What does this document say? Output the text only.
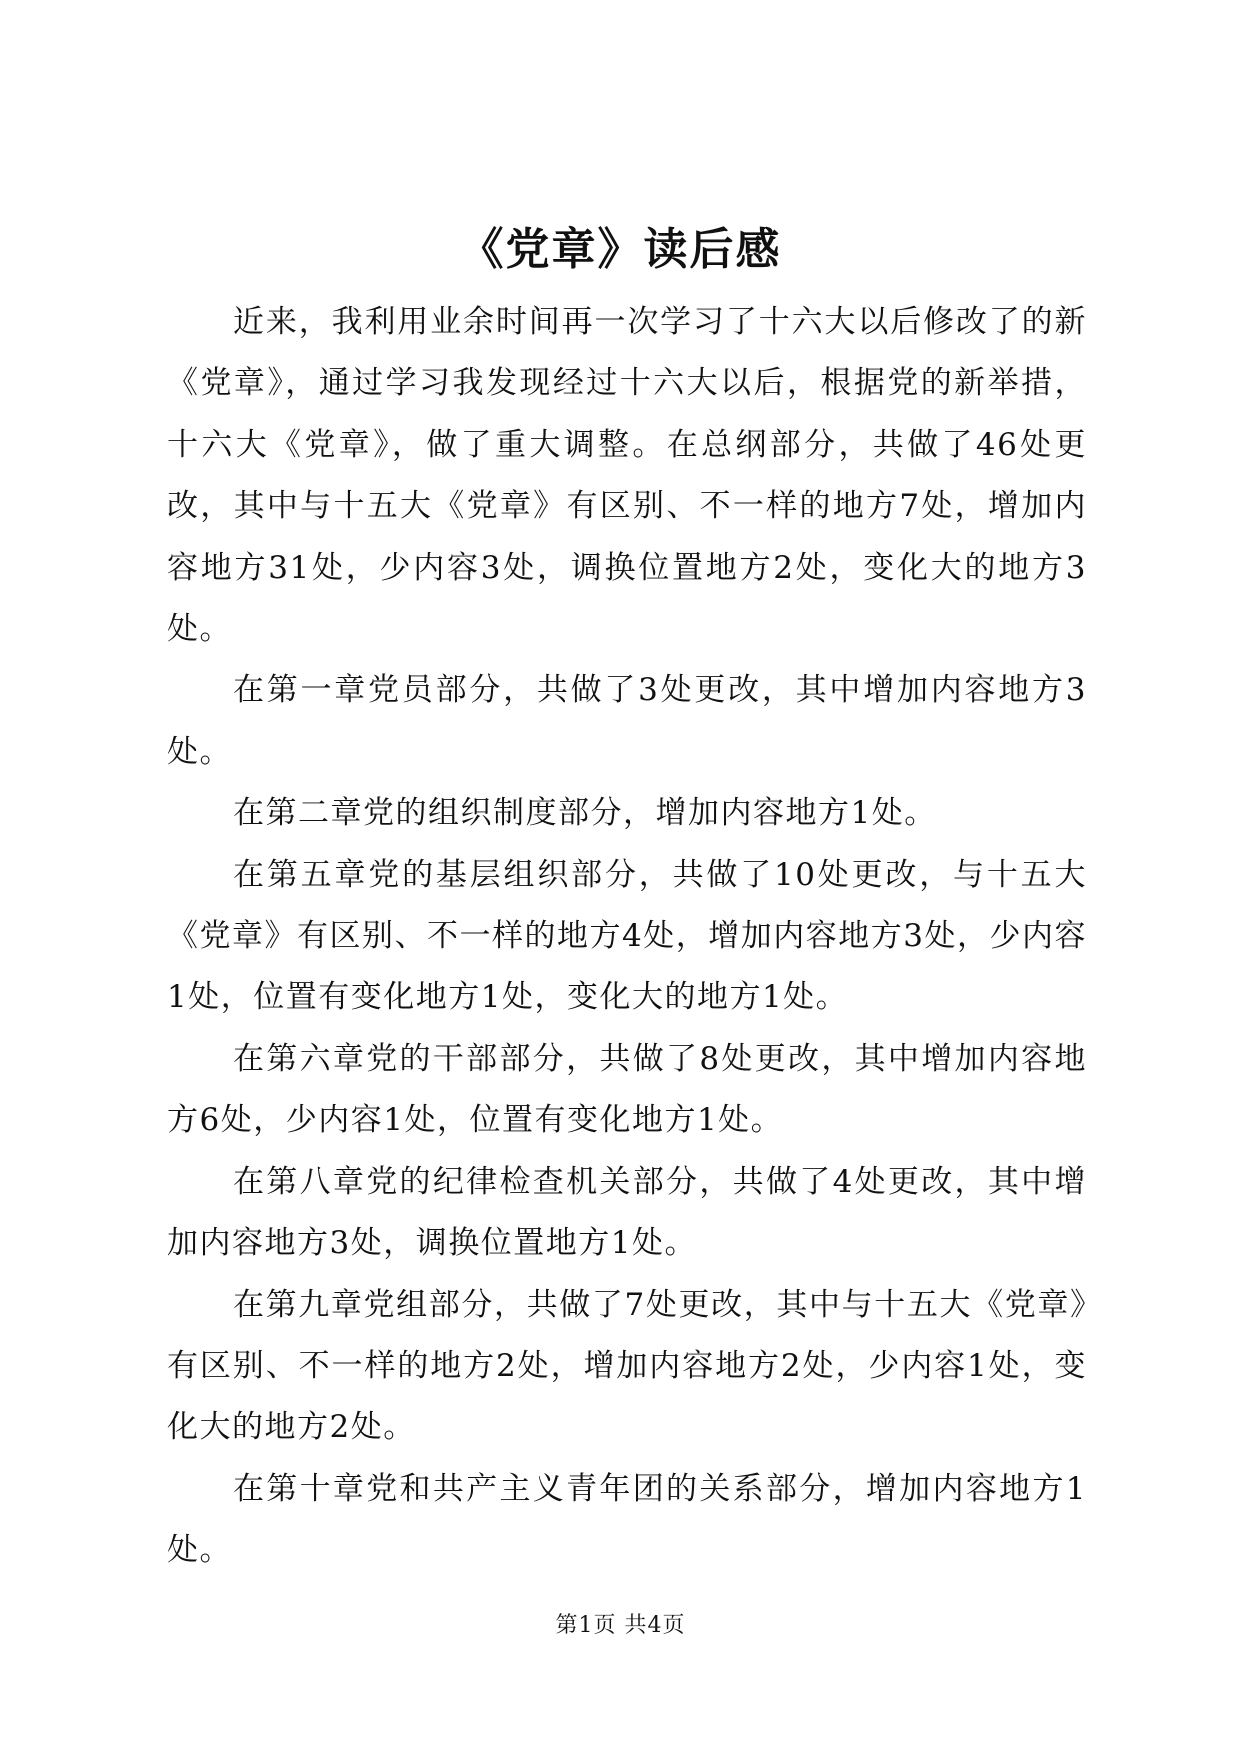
《党章》读后感

近来，我利用业余时间再一次学习了十六大以后修改了的新《党章》，通过学习我发现经过十六大以后，根据党的新举措，十六大《党章》，做了重大调整。在总纲部分，共做了46处更改，其中与十五大《党章》有区别、不一样的地方7处，增加内容地方31处，少内容3处，调换位置地方2处，变化大的地方3处。

在第一章党员部分，共做了3处更改，其中增加内容地方3处。

在第二章党的组织制度部分，增加内容地方1处。

在第五章党的基层组织部分，共做了10处更改，与十五大《党章》有区别、不一样的地方4处，增加内容地方3处，少内容1处，位置有变化地方1处，变化大的地方1处。

在第六章党的干部部分，共做了8处更改，其中增加内容地方6处，少内容1处，位置有变化地方1处。

在第八章党的纪律检查机关部分，共做了4处更改，其中增加内容地方3处，调换位置地方1处。

在第九章党组部分，共做了7处更改，其中与十五大《党章》有区别、不一样的地方2处，增加内容地方2处，少内容1处，变化大的地方2处。

在第十章党和共产主义青年团的关系部分，增加内容地方1处。

第1页 共4页
